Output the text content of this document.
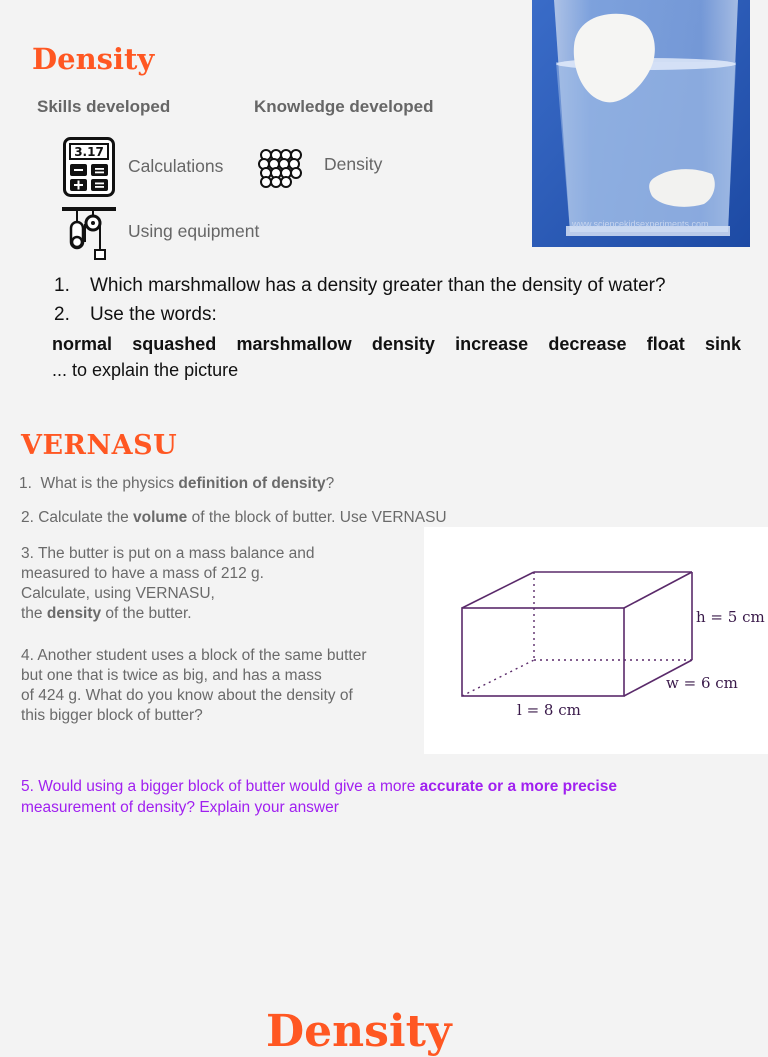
Density
Skills developed	Knowledge developed
3.17
Calculations	Density
Using equipment	www.sciencekidsexperiments.com
1. Which marshmallow has a density greater than the density of water?
2. Use the words:
normal squashed marshmallow density increase decrease float sink
... to explain the picture
VERNASU
1.  What is the physics definition of density?
2. Calculate the volume of the block of butter. Use VERNASU
3. The butter is put on a mass balance and
measured to have a mass of 212 g.
Calculate, using VERNASU,
the density of the butter.
4. Another student uses a block of the same butter
but one that is twice as big, and has a mass
of 424 g. What do you know about the density of
this bigger block of butter?
h = 5 cm
w = 6 cm
l = 8 cm
5. Would using a bigger block of butter would give a more accurate or a more precise
measurement of density? Explain your answer
Density
